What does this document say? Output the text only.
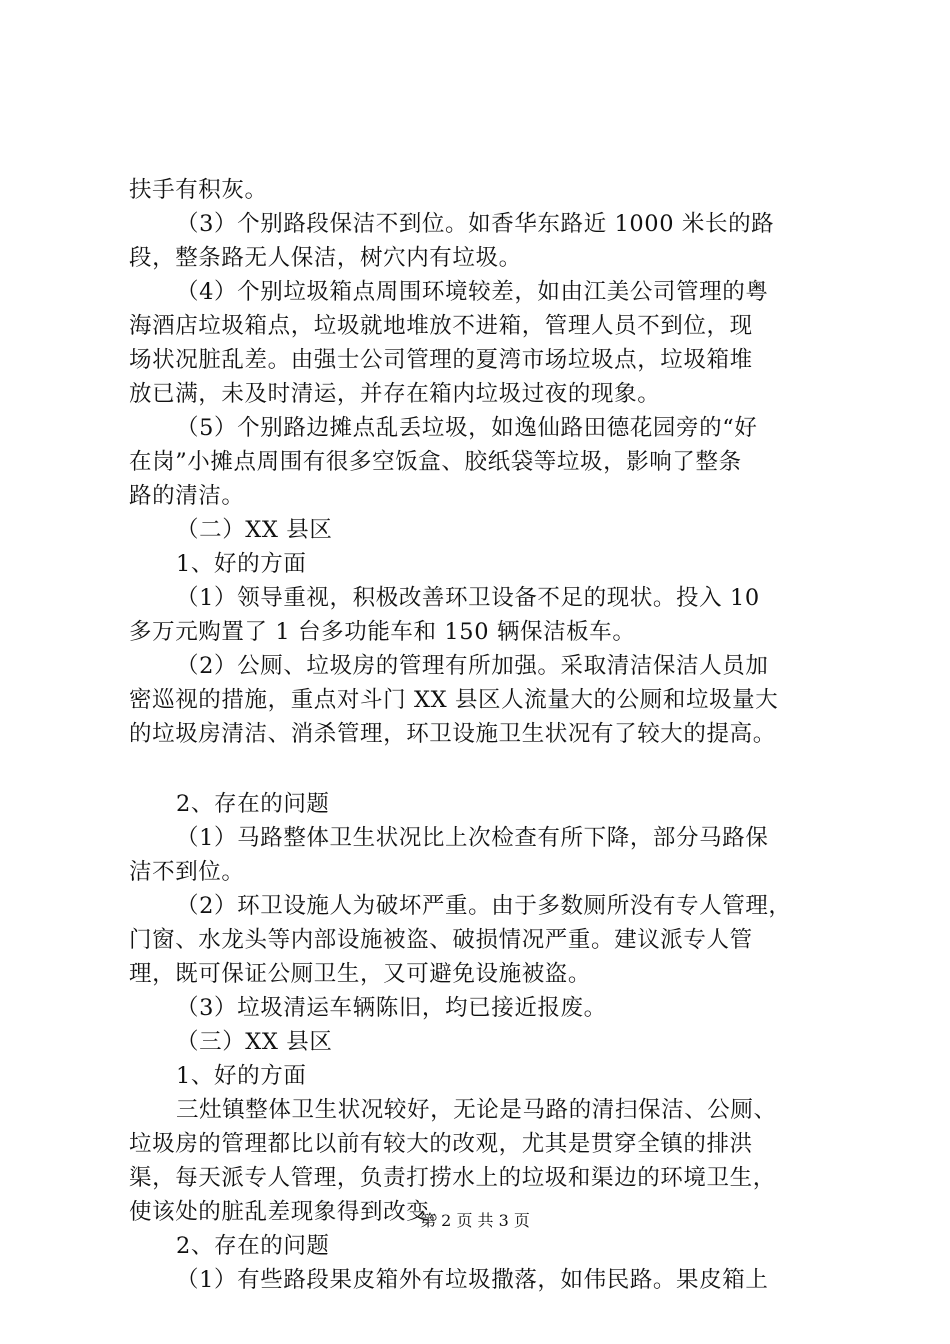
扶手有积灰。
（3）个别路段保洁不到位。如香华东路近 1000 米长的路
段，整条路无人保洁，树穴内有垃圾。
（4）个别垃圾箱点周围环境较差，如由江美公司管理的粤
海酒店垃圾箱点，垃圾就地堆放不进箱，管理人员不到位，现
场状况脏乱差。由强士公司管理的夏湾市场垃圾点，垃圾箱堆
放已满，未及时清运，并存在箱内垃圾过夜的现象。
（5）个别路边摊点乱丢垃圾，如逸仙路田德花园旁的“好
在岗”小摊点周围有很多空饭盒、胶纸袋等垃圾，影响了整条
路的清洁。
（二）XX 县区
1、好的方面
（1）领导重视，积极改善环卫设备不足的现状。投入 10
多万元购置了 1 台多功能车和 150 辆保洁板车。
（2）公厕、垃圾房的管理有所加强。采取清洁保洁人员加
密巡视的措施，重点对斗门 XX 县区人流量大的公厕和垃圾量大
的垃圾房清洁、消杀管理，环卫设施卫生状况有了较大的提高。
2、存在的问题
（1）马路整体卫生状况比上次检查有所下降，部分马路保
洁不到位。
（2）环卫设施人为破坏严重。由于多数厕所没有专人管理，
门窗、水龙头等内部设施被盗、破损情况严重。建议派专人管
理，既可保证公厕卫生，又可避免设施被盗。
（3）垃圾清运车辆陈旧，均已接近报废。
（三）XX 县区
1、好的方面
三灶镇整体卫生状况较好，无论是马路的清扫保洁、公厕、
垃圾房的管理都比以前有较大的改观，尤其是贯穿全镇的排洪
渠，每天派专人管理，负责打捞水上的垃圾和渠边的环境卫生，
使该处的脏乱差现象得到改变。
2、存在的问题
（1）有些路段果皮箱外有垃圾撒落，如伟民路。果皮箱上
第 2 页 共 3 页
